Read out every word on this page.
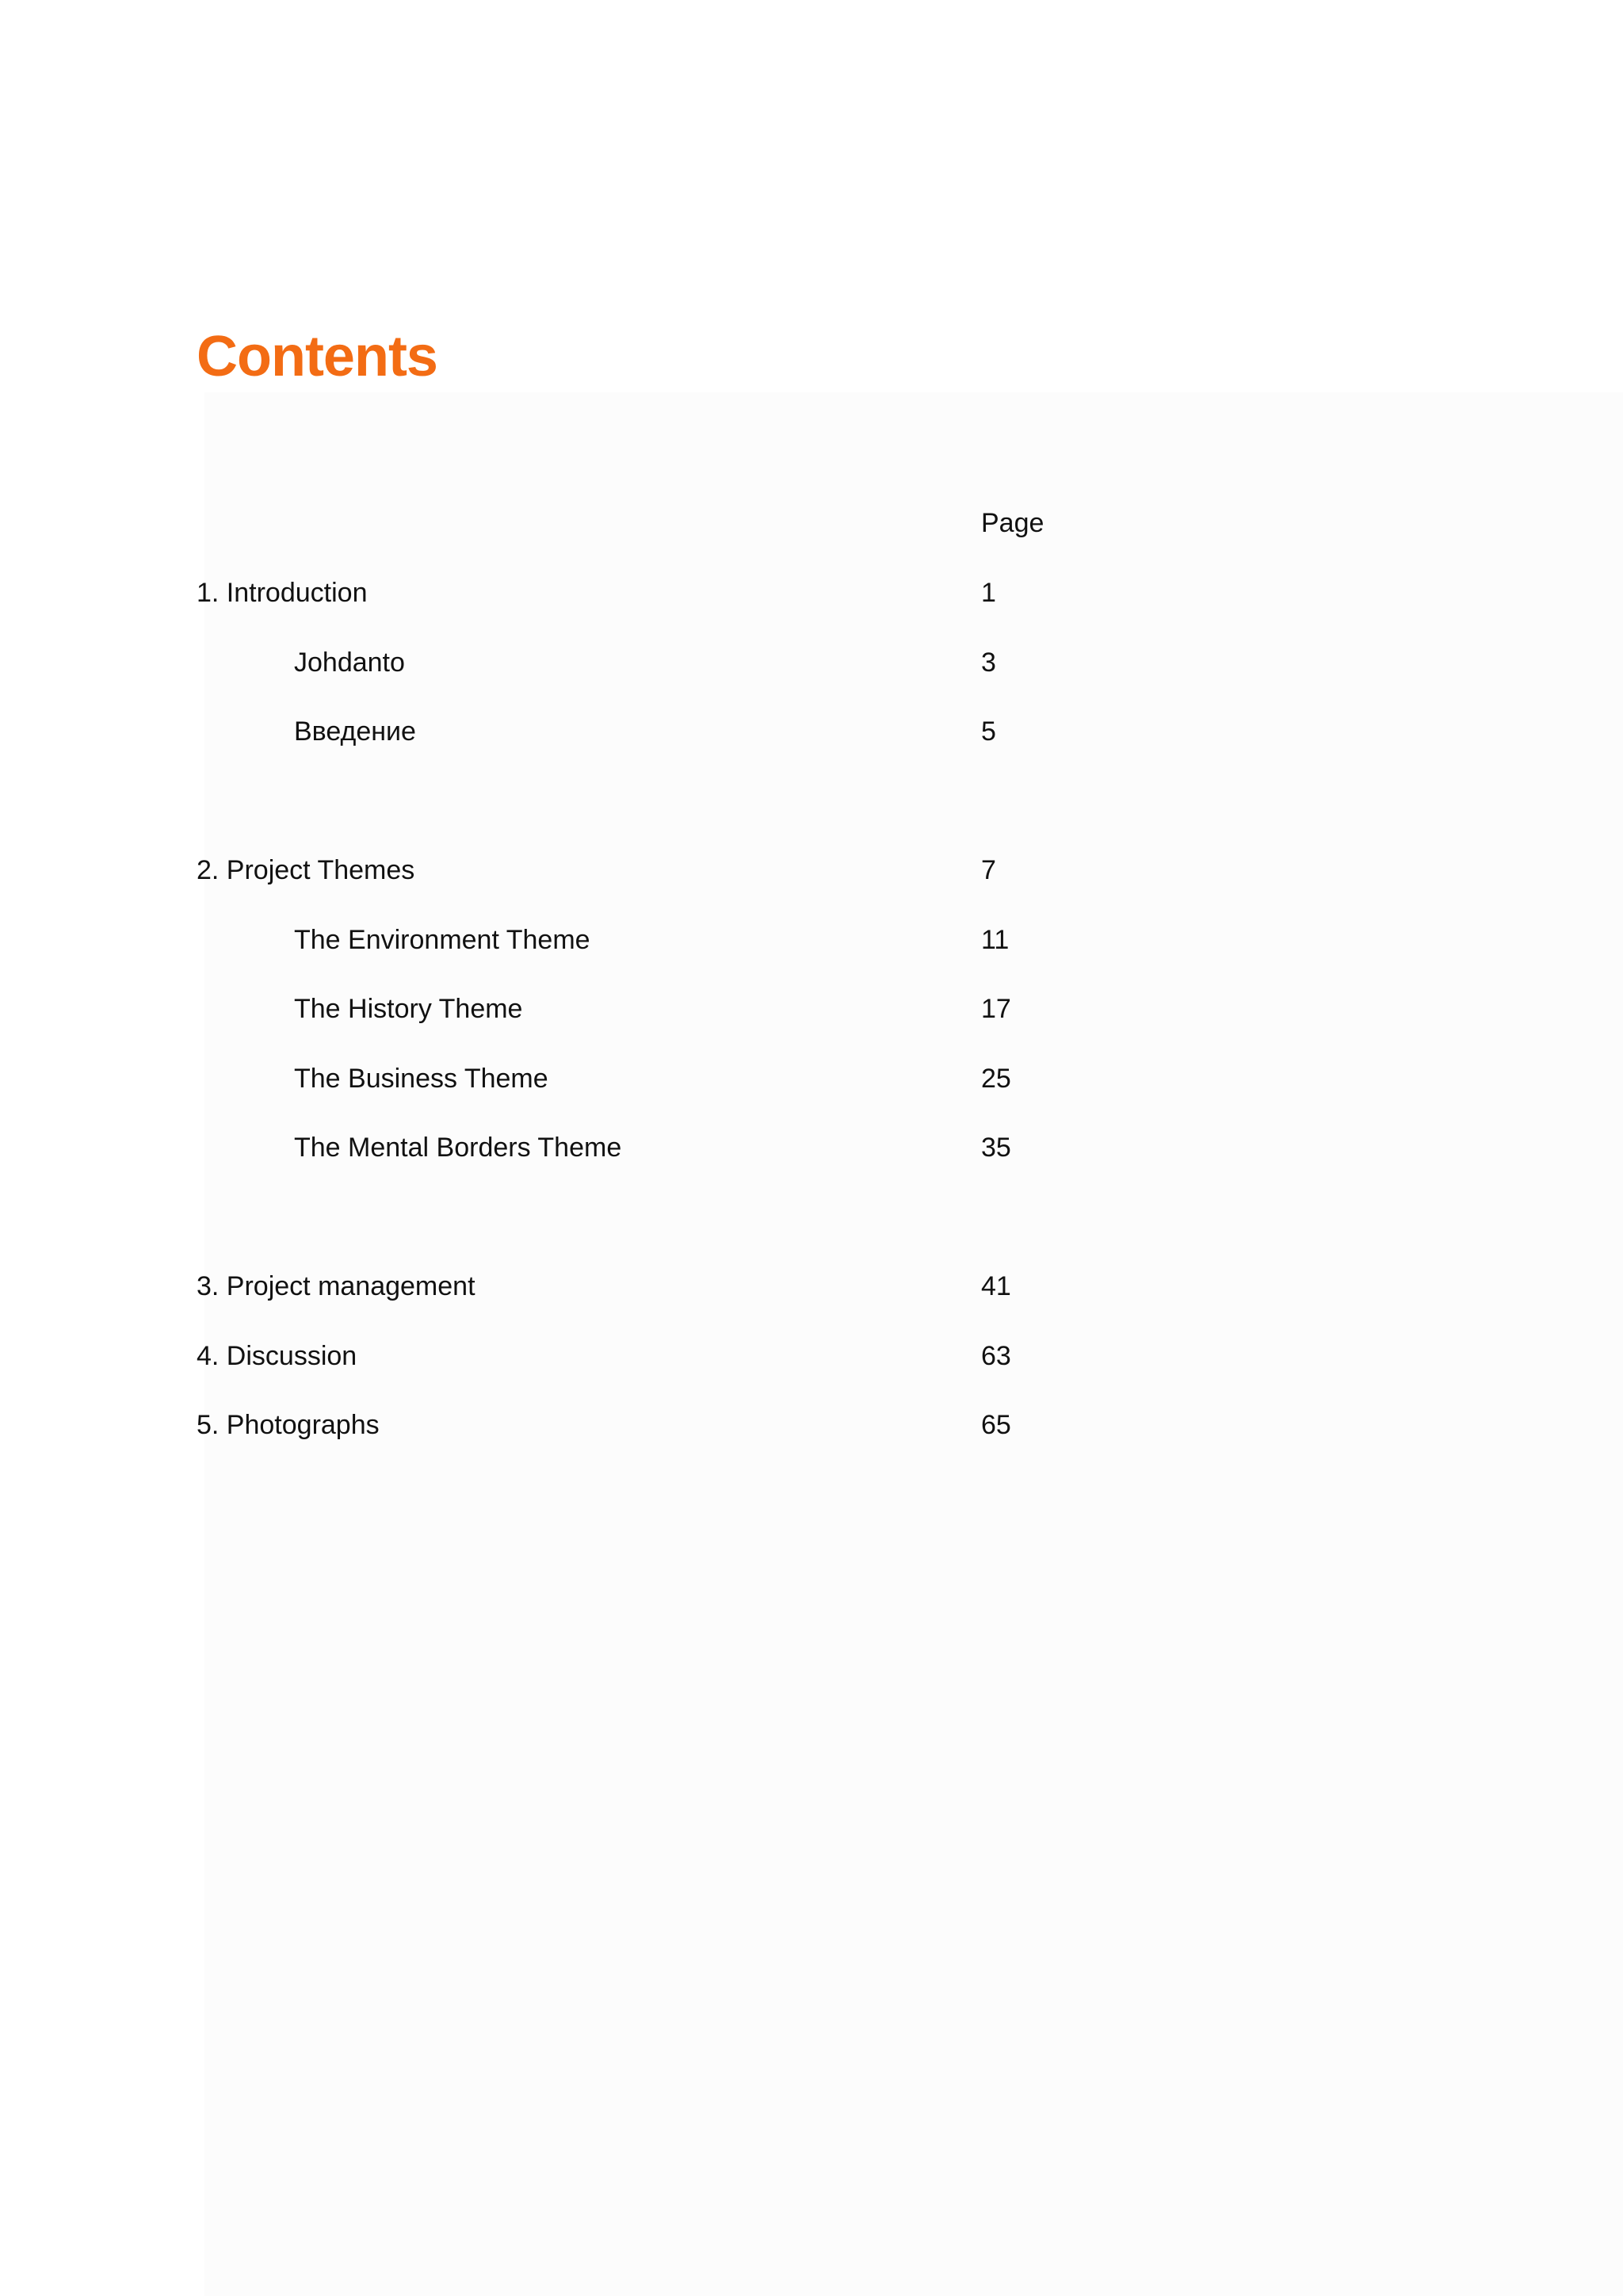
Contents
Page
1. Introduction	1
Johdanto	3
Введение	5
2. Project Themes	7
The Environment Theme	11
The History Theme	17
The Business Theme	25
The Mental Borders Theme	35
3. Project management	41
4. Discussion	63
5. Photographs	65
